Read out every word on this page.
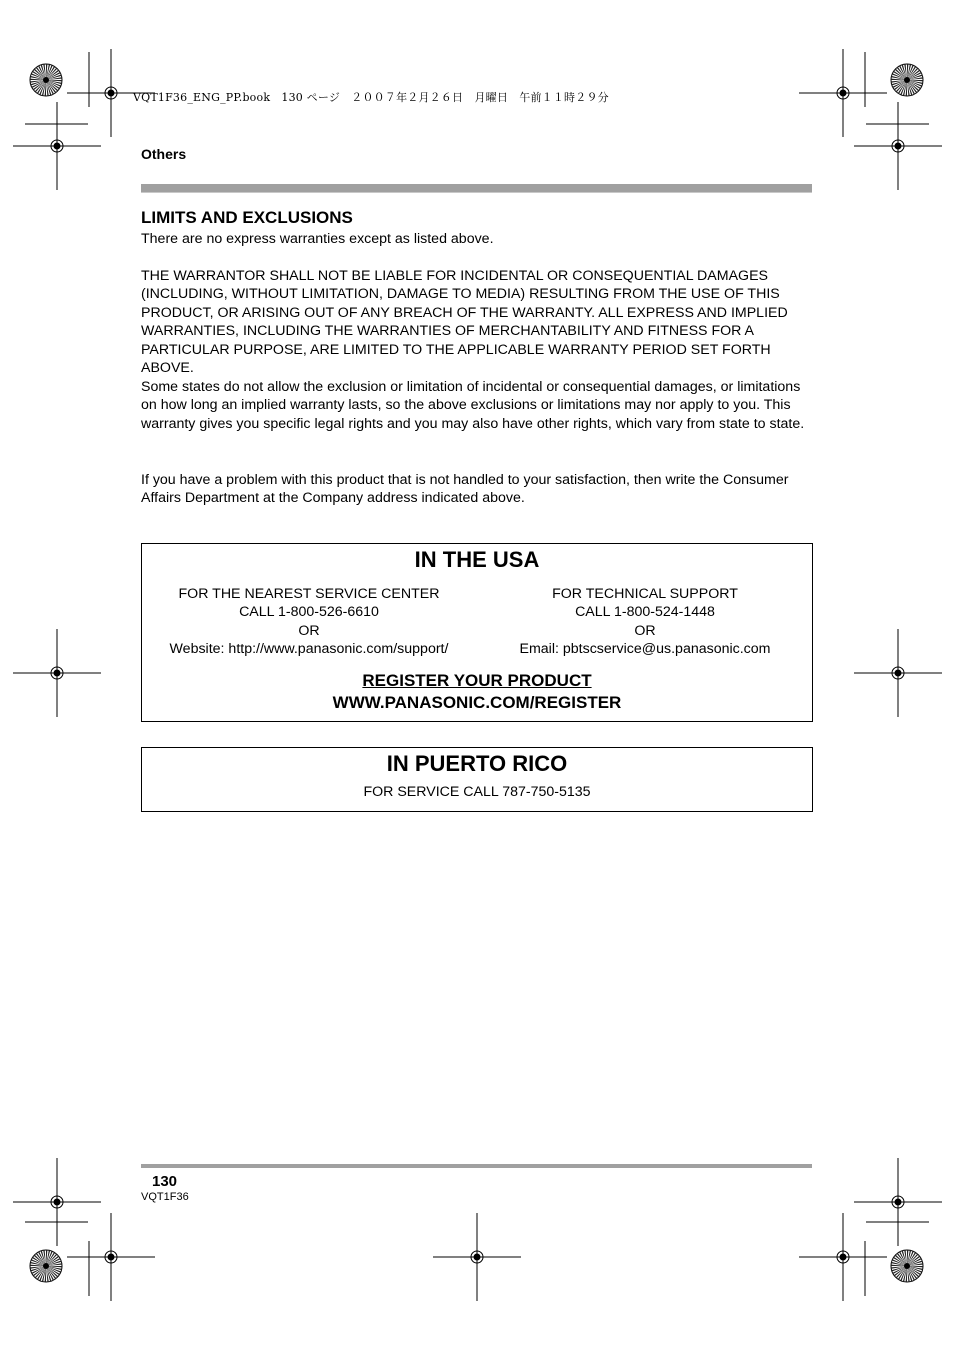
VQT1F36_ENG_PP.book　130 ページ　２００７年２月２６日　月曜日　午前１１時２９分
Others
LIMITS AND EXCLUSIONS

There are no express warranties except as listed above.

THE WARRANTOR SHALL NOT BE LIABLE FOR INCIDENTAL OR CONSEQUENTIAL DAMAGES (INCLUDING, WITHOUT LIMITATION, DAMAGE TO MEDIA) RESULTING FROM THE USE OF THIS PRODUCT, OR ARISING OUT OF ANY BREACH OF THE WARRANTY. ALL EXPRESS AND IMPLIED WARRANTIES, INCLUDING THE WARRANTIES OF MERCHANTABILITY AND FITNESS FOR A PARTICULAR PURPOSE, ARE LIMITED TO THE APPLICABLE WARRANTY PERIOD SET FORTH ABOVE.

Some states do not allow the exclusion or limitation of incidental or consequential damages, or limitations on how long an implied warranty lasts, so the above exclusions or limitations may nor apply to you. This warranty gives you specific legal rights and you may also have other rights, which vary from state to state.

If you have a problem with this product that is not handled to your satisfaction, then write the Consumer Affairs Department at the Company address indicated above.

IN THE USA
FOR THE NEAREST SERVICE CENTER
CALL 1-800-526-6610
OR
Website: http://www.panasonic.com/support/
FOR TECHNICAL SUPPORT
CALL 1-800-524-1448
OR
Email: pbtscservice@us.panasonic.com
REGISTER YOUR PRODUCT
WWW.PANASONIC.COM/REGISTER
IN PUERTO RICO
FOR SERVICE CALL 787-750-5135
130
VQT1F36
